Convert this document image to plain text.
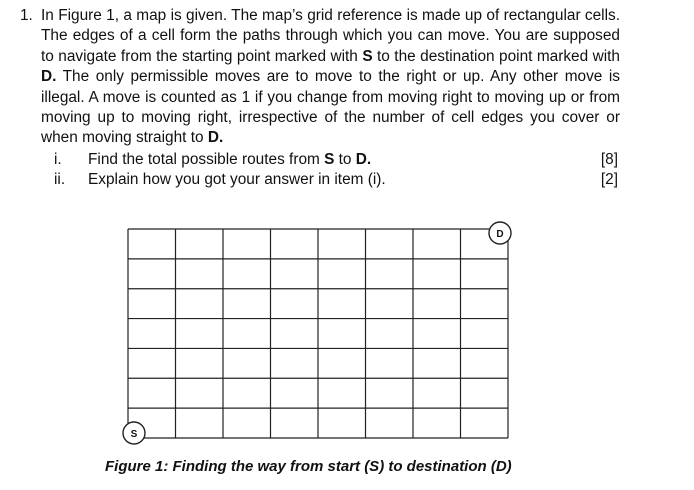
1. In Figure 1, a map is given. The map’s grid reference is made up of rectangular cells. The edges of a cell form the paths through which you can move. You are supposed to navigate from the starting point marked with S to the destination point marked with D. The only permissible moves are to move to the right or up. Any other move is illegal. A move is counted as 1 if you change from moving right to moving up or from moving up to moving right, irrespective of the number of cell edges you cover or when moving straight to D.
i. Find the total possible routes from S to D.	[8]
ii. Explain how you got your answer in item (i).	[2]
D
S
Figure 1: Finding the way from start (S) to destination (D)
